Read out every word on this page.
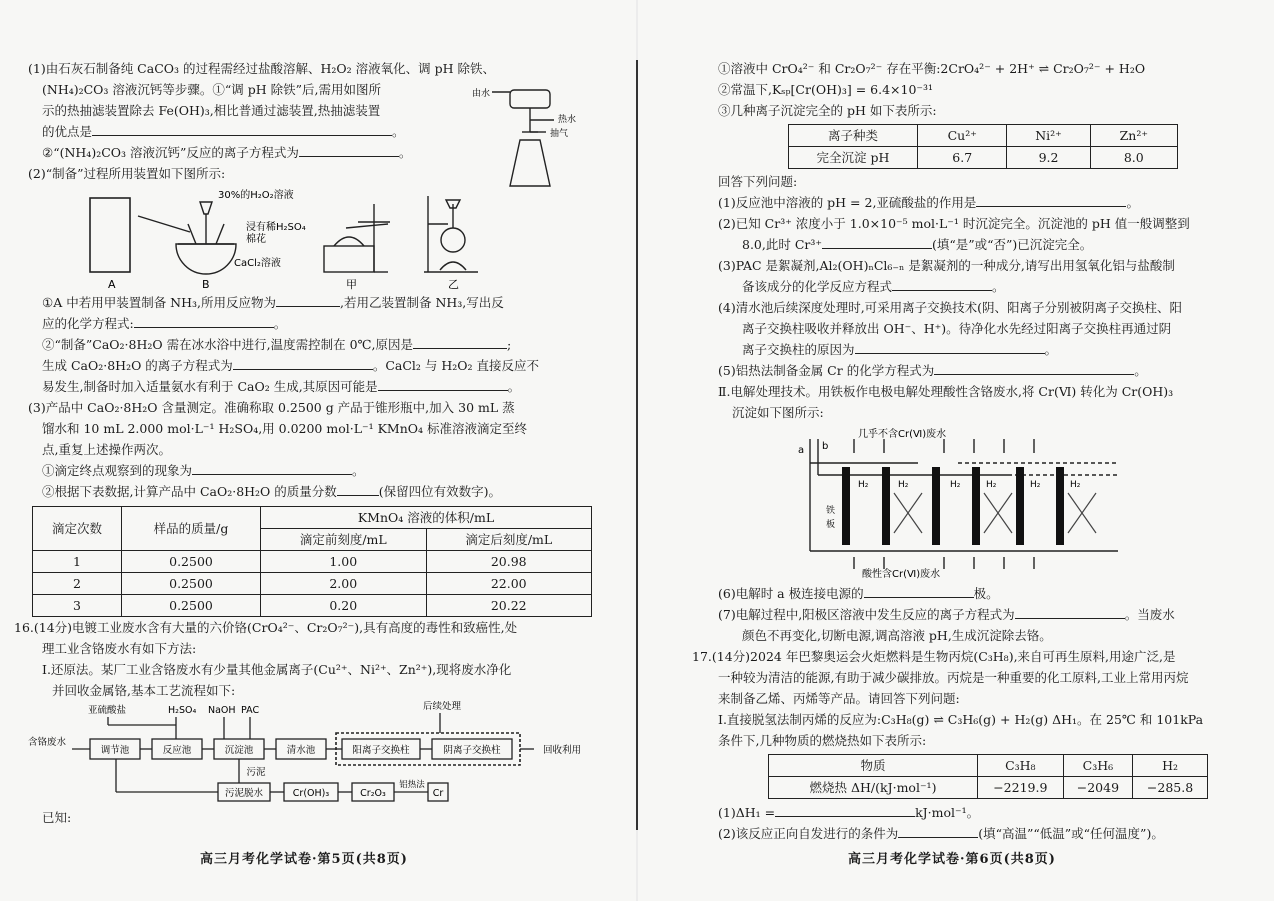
(1)由石灰石制备纯 CaCO₃ 的过程需经过盐酸溶解、H₂O₂ 溶液氧化、调 pH 除铁、

(NH₄)₂CO₃ 溶液沉钙等步骤。①“调 pH 除铁”后,需用如图所

示的热抽滤装置除去 Fe(OH)₃,相比普通过滤装置,热抽滤装置

的优点是	。

②“(NH₄)₂CO₃ 溶液沉钙”反应的离子方程式为	。

(2)“制备”过程所用装置如下图所示:

30%的H₂O₂溶液
浸有稀H₂SO₄
棉花
CaCl₂溶液
A	B	甲	乙

①A 中若用甲装置制备 NH₃,所用反应物为	,若用乙装置制备 NH₃,写出反

应的化学方程式:	。

②“制备”CaO₂·8H₂O 需在冰水浴中进行,温度需控制在 0℃,原因是	;

生成 CaO₂·8H₂O 的离子方程式为	。CaCl₂ 与 H₂O₂ 直接反应不

易发生,制备时加入适量氨水有利于 CaO₂ 生成,其原因可能是	。

(3)产品中 CaO₂·8H₂O 含量测定。准确称取 0.2500 g 产品于锥形瓶中,加入 30 mL 蒸

馏水和 10 mL 2.000 mol·L⁻¹ H₂SO₄,用 0.0200 mol·L⁻¹ KMnO₄ 标准溶液滴定至终

点,重复上述操作两次。

①滴定终点观察到的现象为	。

②根据下表数据,计算产品中 CaO₂·8H₂O 的质量分数	(保留四位有效数字)。

滴定次数	样品的质量/g	KMnO₄ 溶液的体积/mL	
		滴定前刻度/mL	滴定后刻度/mL
1	0.2500	1.00	20.98
2	0.2500	2.00	22.00
3	0.2500	0.20	20.22

16.(14分)电镀工业废水含有大量的六价铬(CrO₄²⁻、Cr₂O₇²⁻),具有高度的毒性和致癌性,处

理工业含铬废水有如下方法:

Ⅰ.还原法。某厂工业含铬废水有少量其他金属离子(Cu²⁺、Ni²⁺、Zn²⁺),现将废水净化

并回收金属铬,基本工艺流程如下:

亚硫酸盐	H₂SO₄ NaOH PAC	后续处理
含铬废水
调节池	反应池	沉淀池	清水池	阳离子交换柱	阴离子交换柱	回收利用
污泥
污泥脱水	Cr(OH)₃	Cr₂O₃	Cr
铝热法

已知:

高三月考化学试卷·第5页(共8页)

①溶液中 CrO₄²⁻ 和 Cr₂O₇²⁻ 存在平衡:2CrO₄²⁻ + 2H⁺ ⇌ Cr₂O₇²⁻ + H₂O

②常温下,Kₛₚ[Cr(OH)₃] = 6.4×10⁻³¹

③几种离子沉淀完全的 pH 如下表所示:

离子种类	Cu²⁺	Ni²⁺	Zn²⁺
完全沉淀 pH	6.7	9.2	8.0

回答下列问题:

(1)反应池中溶液的 pH = 2,亚硫酸盐的作用是	。

(2)已知 Cr³⁺ 浓度小于 1.0×10⁻⁵ mol·L⁻¹ 时沉淀完全。沉淀池的 pH 值一般调整到

8.0,此时 Cr³⁺	(填“是”或“否”)已沉淀完全。

(3)PAC 是絮凝剂,Al₂(OH)ₙCl₆₋ₙ 是絮凝剂的一种成分,请写出用氢氧化铝与盐酸制

备该成分的化学反应方程式	。

(4)清水池后续深度处理时,可采用离子交换技术(阴、阳离子分别被阴离子交换柱、阳

离子交换柱吸收并释放出 OH⁻、H⁺)。待净化水先经过阳离子交换柱再通过阴

离子交换柱的原因为	。

(5)铝热法制备金属 Cr 的化学方程式为	。

Ⅱ.电解处理技术。用铁板作电极电解处理酸性含铬废水,将 Cr(Ⅵ) 转化为 Cr(OH)₃

沉淀如下图所示:

几乎不含Cr(Ⅵ)废水
酸性含Cr(Ⅵ)废水
a b
铁
板
H₂	H₂	H₂	H₂	H₂	H₂

(6)电解时 a 极连接电源的	极。

(7)电解过程中,阳极区溶液中发生反应的离子方程式为	。当废水

颜色不再变化,切断电源,调高溶液 pH,生成沉淀除去铬。

17.(14分)2024 年巴黎奥运会火炬燃料是生物丙烷(C₃H₈),来自可再生原料,用途广泛,是

一种较为清洁的能源,有助于减少碳排放。丙烷是一种重要的化工原料,工业上常用丙烷

来制备乙烯、丙烯等产品。请回答下列问题:

Ⅰ.直接脱氢法制丙烯的反应为:C₃H₈(g) ⇌ C₃H₆(g) + H₂(g) ΔH₁。在 25℃ 和 101kPa

条件下,几种物质的燃烧热如下表所示:

物质	C₃H₈	C₃H₆	H₂
燃烧热 ΔH/(kJ·mol⁻¹)	−2219.9	−2049	−285.8

(1)ΔH₁ =	kJ·mol⁻¹。

(2)该反应正向自发进行的条件为	(填“高温”“低温”或“任何温度”)。

高三月考化学试卷·第6页(共8页)
由水
热水
抽气
